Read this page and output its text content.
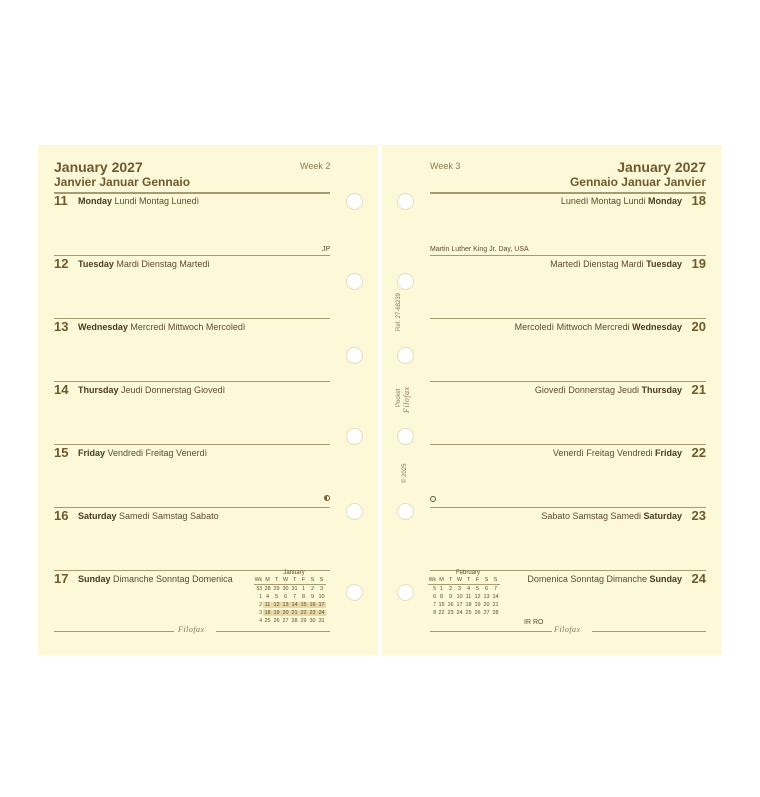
January 2027
Janvier Januar Gennaio
Week 2
11 Monday Lundi Montag Lunedì
12 Tuesday Mardi Dienstag Martedì
13 Wednesday Mercredi Mittwoch Mercoledì
14 Thursday Jeudi Donnerstag Giovedì
15 Friday Vendredi Freitag Venerdì
16 Saturday Samedi Samstag Sabato
17 Sunday Dimanche Sonntag Domenica
JP
January
Wk M T W T	F S S
53 28 29 30 31 1	2	3
1 4	5	6	7	8	9 10
2 11 12 13 14 15 16 17
3 18 19 20 21 22 23 24
4 25 26 27 28 29 30 31
Filofax
Week 3	January 2027
Gennaio Januar Janvier
18
Lunedì Montag Lundi Monday
19
Martedì Dienstag Mardi Tuesday
20
Mercoledì Mittwoch Mercredi Wednesday
21
Giovedì Donnerstag Jeudi Thursday
22
Venerdì Freitag Vendredi Friday
23
Sabato Samstag Samedi Saturday
24
Domenica Sonntag Dimanche Sunday
Martin Luther King Jr. Day, USA
February
Wk M T W T	F S S
5 1	2	3	4	5	6	7
6 8	9 10 11 12 13 14
7 15 16 17 18 19 20 21
8 22 23 24 25 26 27 28
IR RO
Filofax
Ref. 27-68239
Pocket Filofax
© 2025
